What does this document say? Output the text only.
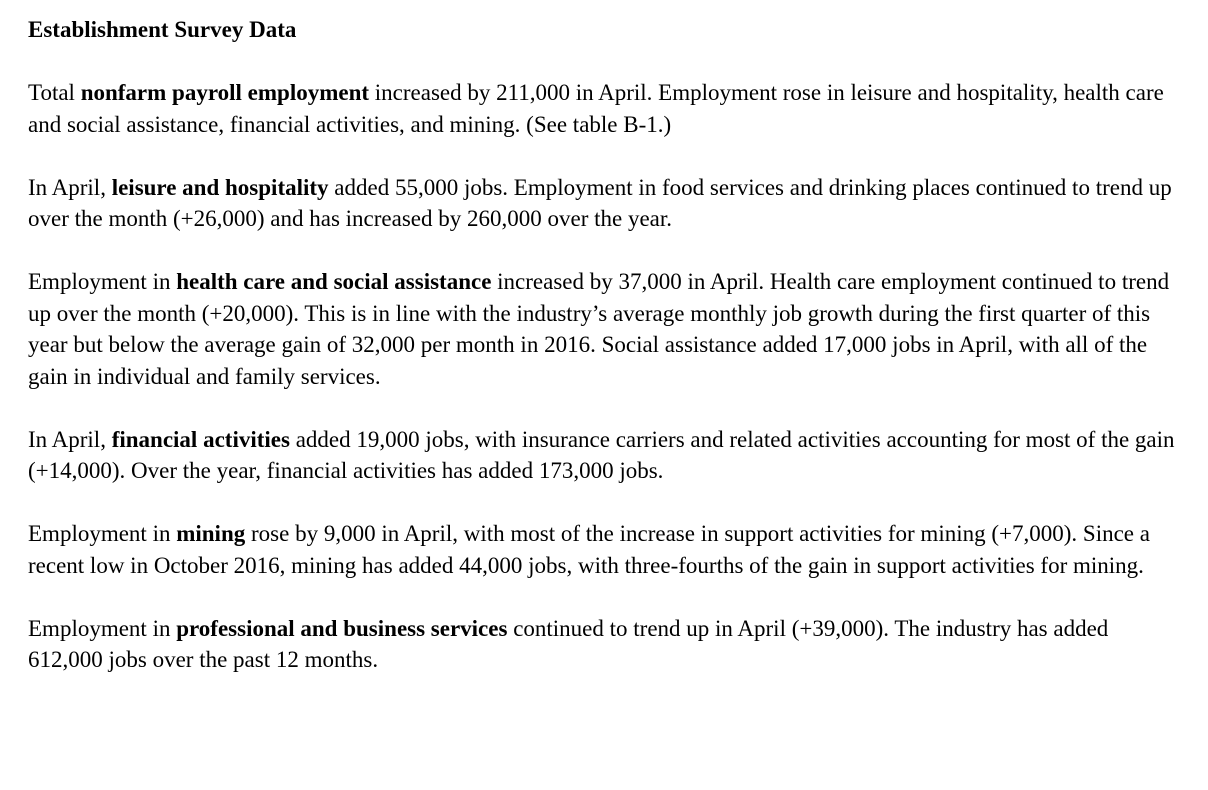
Establishment Survey Data

Total nonfarm payroll employment increased by 211,000 in April. Employment rose in leisure and hospitality, health care and social assistance, financial activities, and mining. (See table B-1.)

In April, leisure and hospitality added 55,000 jobs. Employment in food services and drinking places continued to trend up over the month (+26,000) and has increased by 260,000 over the year.

Employment in health care and social assistance increased by 37,000 in April. Health care employment continued to trend up over the month (+20,000). This is in line with the industry’s average monthly job growth during the first quarter of this year but below the average gain of 32,000 per month in 2016. Social assistance added 17,000 jobs in April, with all of the gain in individual and family services.

In April, financial activities added 19,000 jobs, with insurance carriers and related activities accounting for most of the gain (+14,000). Over the year, financial activities has added 173,000 jobs.

Employment in mining rose by 9,000 in April, with most of the increase in support activities for mining (+7,000). Since a recent low in October 2016, mining has added 44,000 jobs, with three-fourths of the gain in support activities for mining.

Employment in professional and business services continued to trend up in April (+39,000). The industry has added 612,000 jobs over the past 12 months.
